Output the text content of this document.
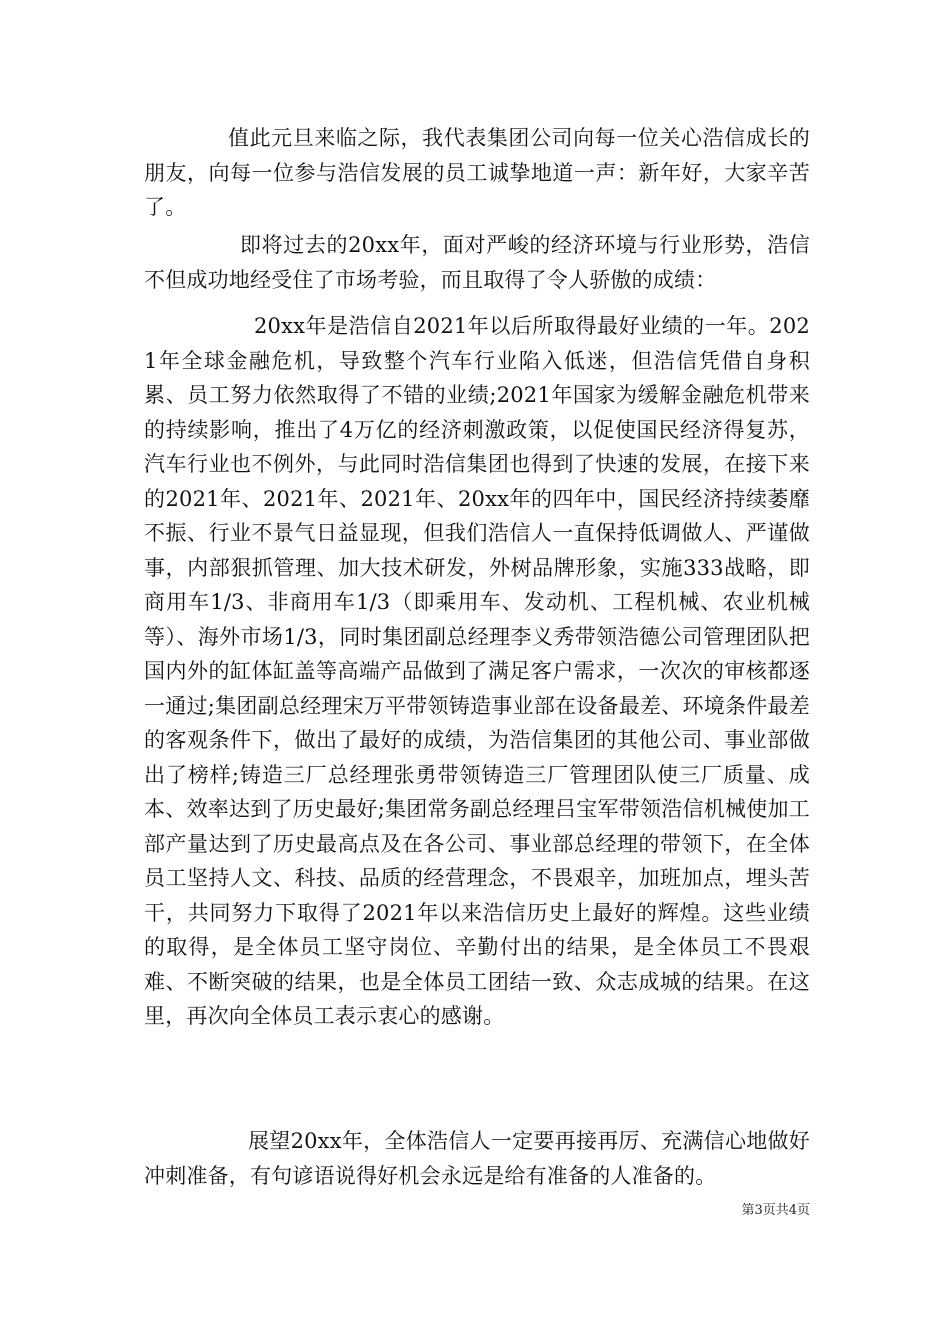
值此元旦来临之际，我代表集团公司向每一位关心浩信成长的朋友，向每一位参与浩信发展的员工诚挚地道一声：新年好，大家辛苦了。

即将过去的20xx年，面对严峻的经济环境与行业形势，浩信不但成功地经受住了市场考验，而且取得了令人骄傲的成绩：

20xx年是浩信自2021年以后所取得最好业绩的一年。2021年全球金融危机，导致整个汽车行业陷入低迷，但浩信凭借自身积累、员工努力依然取得了不错的业绩;2021年国家为缓解金融危机带来的持续影响，推出了4万亿的经济刺激政策，以促使国民经济得复苏，汽车行业也不例外，与此同时浩信集团也得到了快速的发展，在接下来的2021年、2021年、2021年、20xx年的四年中，国民经济持续萎靡不振、行业不景气日益显现，但我们浩信人一直保持低调做人、严谨做事，内部狠抓管理、加大技术研发，外树品牌形象，实施333战略，即商用车1/3、非商用车1/3（即乘用车、发动机、工程机械、农业机械等）、海外市场1/3，同时集团副总经理李义秀带领浩德公司管理团队把国内外的缸体缸盖等高端产品做到了满足客户需求，一次次的审核都逐一通过;集团副总经理宋万平带领铸造事业部在设备最差、环境条件最差的客观条件下，做出了最好的成绩，为浩信集团的其他公司、事业部做出了榜样;铸造三厂总经理张勇带领铸造三厂管理团队使三厂质量、成本、效率达到了历史最好;集团常务副总经理吕宝军带领浩信机械使加工部产量达到了历史最高点及在各公司、事业部总经理的带领下，在全体员工坚持人文、科技、品质的经营理念，不畏艰辛，加班加点，埋头苦干，共同努力下取得了2021年以来浩信历史上最好的辉煌。这些业绩的取得，是全体员工坚守岗位、辛勤付出的结果，是全体员工不畏艰难、不断突破的结果，也是全体员工团结一致、众志成城的结果。在这里，再次向全体员工表示衷心的感谢。

展望20xx年，全体浩信人一定要再接再厉、充满信心地做好冲刺准备，有句谚语说得好机会永远是给有准备的人准备的。

第3页共4页
